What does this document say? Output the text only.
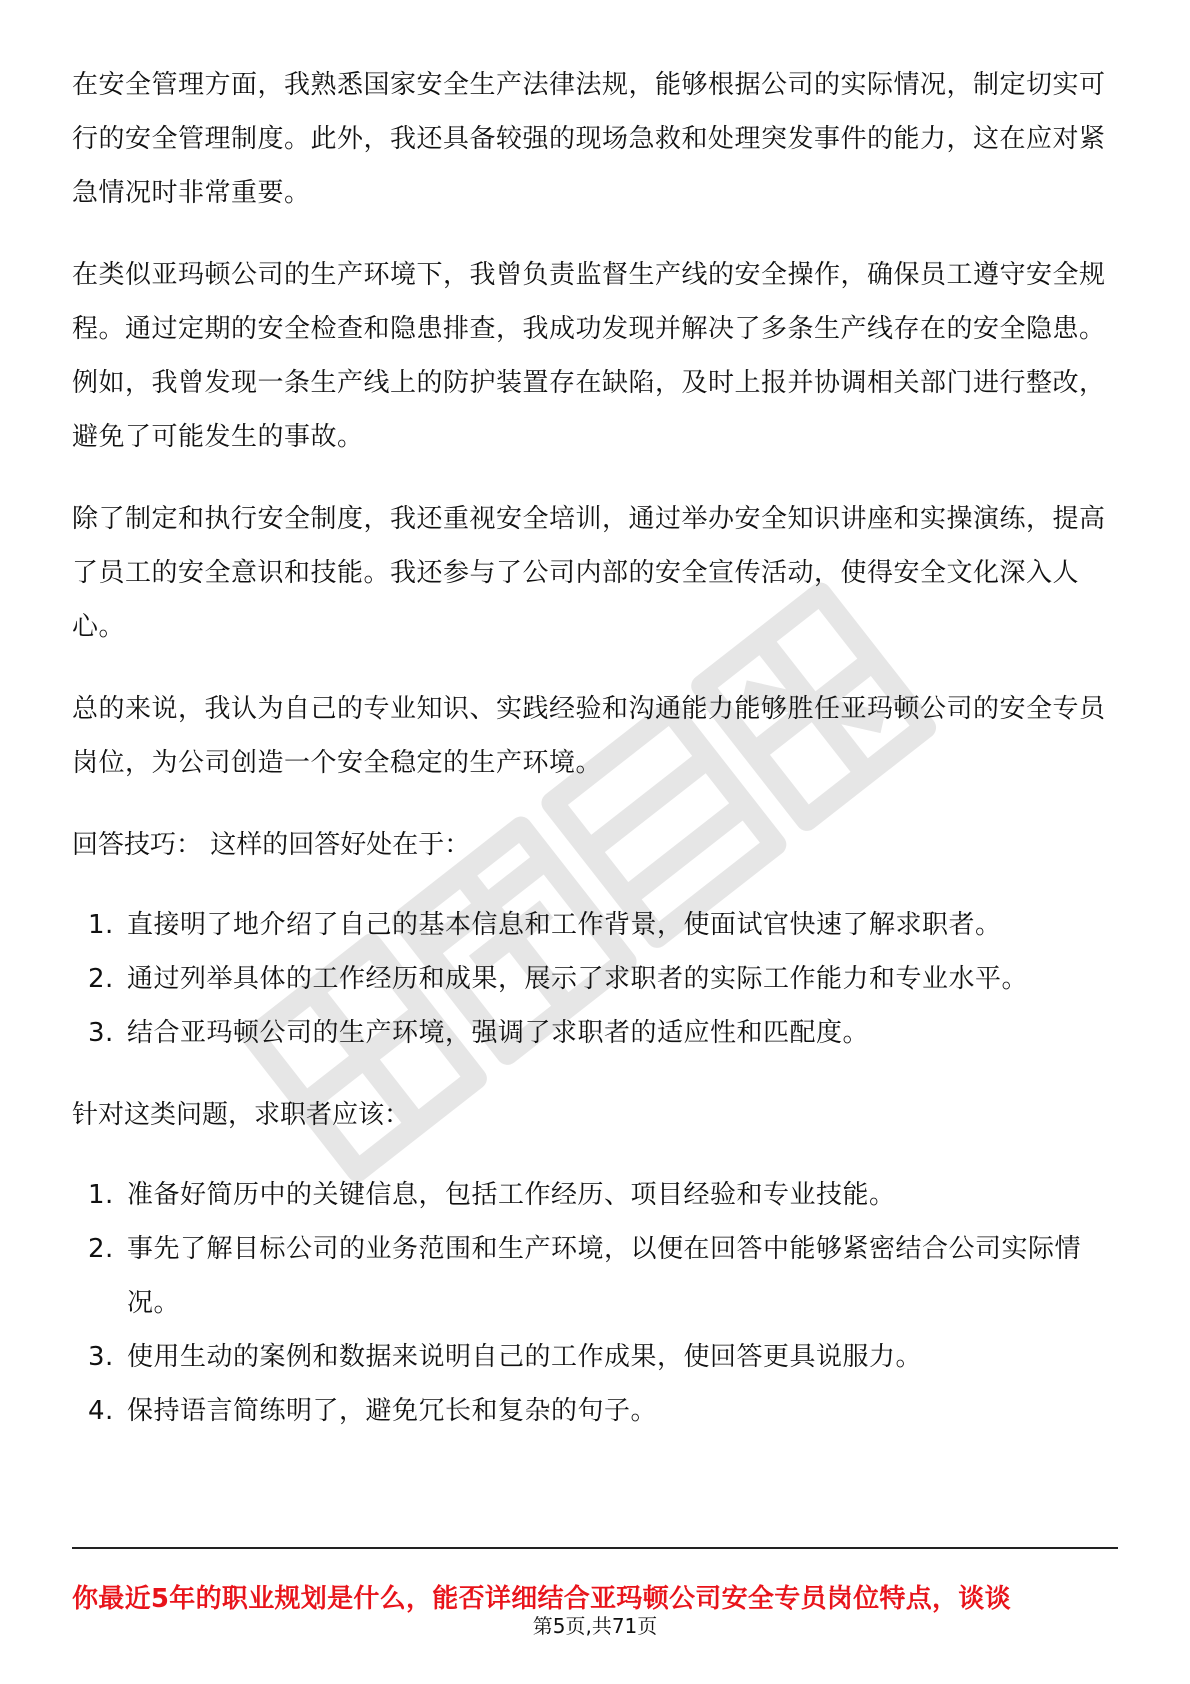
在安全管理方面，我熟悉国家安全生产法律法规，能够根据公司的实际情况，制定切实可行的安全管理制度。此外，我还具备较强的现场急救和处理突发事件的能力，这在应对紧急情况时非常重要。

在类似亚玛顿公司的生产环境下，我曾负责监督生产线的安全操作，确保员工遵守安全规程。通过定期的安全检查和隐患排查，我成功发现并解决了多条生产线存在的安全隐患。例如，我曾发现一条生产线上的防护装置存在缺陷，及时上报并协调相关部门进行整改，避免了可能发生的事故。

除了制定和执行安全制度，我还重视安全培训，通过举办安全知识讲座和实操演练，提高了员工的安全意识和技能。我还参与了公司内部的安全宣传活动，使得安全文化深入人心。

总的来说，我认为自己的专业知识、实践经验和沟通能力能够胜任亚玛顿公司的安全专员岗位，为公司创造一个安全稳定的生产环境。

回答技巧： 这样的回答好处在于：

1. 直接明了地介绍了自己的基本信息和工作背景，使面试官快速了解求职者。
2. 通过列举具体的工作经历和成果，展示了求职者的实际工作能力和专业水平。
3. 结合亚玛顿公司的生产环境，强调了求职者的适应性和匹配度。

针对这类问题，求职者应该：

1. 准备好简历中的关键信息，包括工作经历、项目经验和专业技能。
2. 事先了解目标公司的业务范围和生产环境，以便在回答中能够紧密结合公司实际情况。
3. 使用生动的案例和数据来说明自己的工作成果，使回答更具说服力。
4. 保持语言简练明了，避免冗长和复杂的句子。
你最近5年的职业规划是什么，能否详细结合亚玛顿公司安全专员岗位特点，谈谈
第5页,共71页
